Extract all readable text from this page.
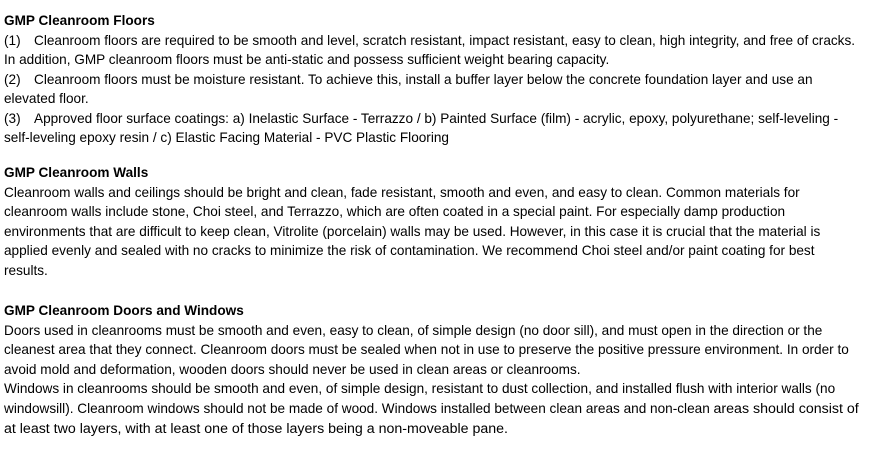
GMP Cleanroom Floors
(1) Cleanroom floors are required to be smooth and level, scratch resistant, impact resistant, easy to clean, high integrity, and free of cracks. In addition, GMP cleanroom floors must be anti-static and possess sufficient weight bearing capacity.
(2) Cleanroom floors must be moisture resistant. To achieve this, install a buffer layer below the concrete foundation layer and use an elevated floor.
(3) Approved floor surface coatings: a) Inelastic Surface - Terrazzo / b) Painted Surface (film) - acrylic, epoxy, polyurethane; self-leveling - self-leveling epoxy resin / c) Elastic Facing Material - PVC Plastic Flooring
GMP Cleanroom Walls
Cleanroom walls and ceilings should be bright and clean, fade resistant, smooth and even, and easy to clean. Common materials for cleanroom walls include stone, Choi steel, and Terrazzo, which are often coated in a special paint. For especially damp production environments that are difficult to keep clean, Vitrolite (porcelain) walls may be used. However, in this case it is crucial that the material is applied evenly and sealed with no cracks to minimize the risk of contamination. We recommend Choi steel and/or paint coating for best results.
GMP Cleanroom Doors and Windows
Doors used in cleanrooms must be smooth and even, easy to clean, of simple design (no door sill), and must open in the direction or the cleanest area that they connect. Cleanroom doors must be sealed when not in use to preserve the positive pressure environment. In order to avoid mold and deformation, wooden doors should never be used in clean areas or cleanrooms.
Windows in cleanrooms should be smooth and even, of simple design, resistant to dust collection, and installed flush with interior walls (no windowsill). Cleanroom windows should not be made of wood. Windows installed between clean areas and non-clean areas should consist of at least two layers, with at least one of those layers being a non-moveable pane.
